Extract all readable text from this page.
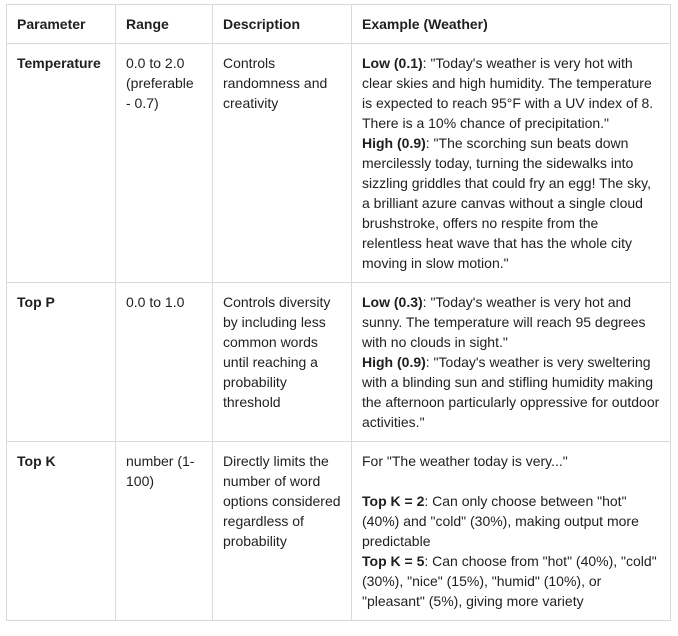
Parameter	Range	Description	Example (Weather)
Temperature	0.0 to 2.0 (preferable - 0.7)	Controls randomness and creativity	Low (0.1): "Today's weather is very hot with clear skies and high humidity. The temperature is expected to reach 95°F with a UV index of 8. There is a 10% chance of precipitation."
High (0.9): "The scorching sun beats down mercilessly today, turning the sidewalks into sizzling griddles that could fry an egg! The sky, a brilliant azure canvas without a single cloud brushstroke, offers no respite from the relentless heat wave that has the whole city moving in slow motion."

Top P	0.0 to 1.0	Controls diversity by including less common words until reaching a probability threshold	Low (0.3): "Today's weather is very hot and sunny. The temperature will reach 95 degrees with no clouds in sight."
High (0.9): "Today's weather is very sweltering with a blinding sun and stifling humidity making the afternoon particularly oppressive for outdoor activities."

Top K	number (1- 100)	Directly limits the number of word options considered regardless of probability	For "The weather today is very..."
Top K = 2: Can only choose between "hot" (40%) and "cold" (30%), making output more predictable
Top K = 5: Can choose from "hot" (40%), "cold" (30%), "nice" (15%), "humid" (10%), or "pleasant" (5%), giving more variety
